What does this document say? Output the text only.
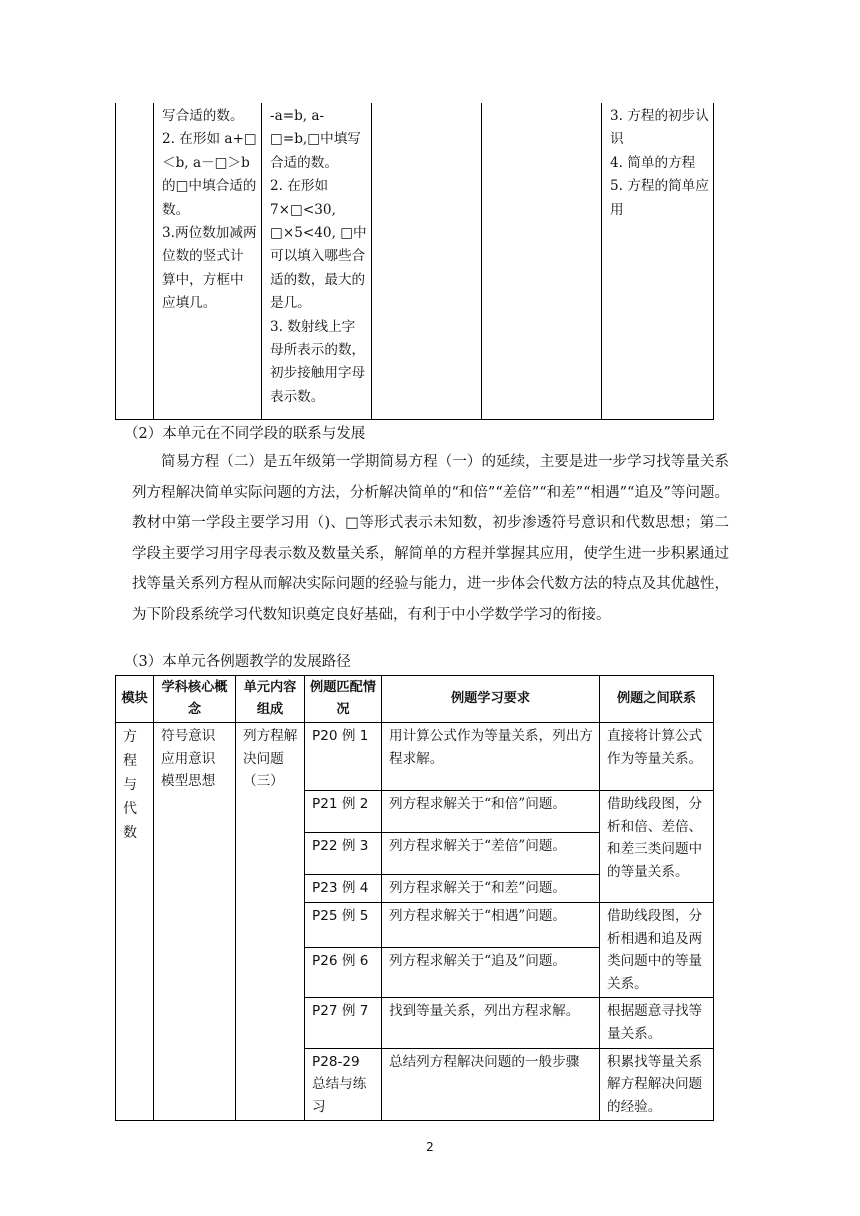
	写合适的数。
2. 在形如 a+□＜b, a－□＞b 的□中填合适的数。
3.两位数加减两位数的竖式计算中，方框中应填几。	-a=b, a-□=b,□中填写合适的数。
2. 在形如 7×□<30, □×5<40, □中可以填入哪些合适的数，最大的是几。
3. 数射线上字母所表示的数，初步接触用字母表示数。			3. 方程的初步认识
4. 简单的方程
5. 方程的简单应用
（2）本单元在不同学段的联系与发展
简易方程（二）是五年级第一学期简易方程（一）的延续，主要是进一步学习找等量关系列方程解决简单实际问题的方法，分析解决简单的“和倍”“差倍”“和差”“相遇”“追及”等问题。教材中第一学段主要学习用（)、□等形式表示未知数，初步渗透符号意识和代数思想；第二学段主要学习用字母表示数及数量关系，解简单的方程并掌握其应用，使学生进一步积累通过找等量关系列方程从而解决实际问题的经验与能力，进一步体会代数方法的特点及其优越性，为下阶段系统学习代数知识奠定良好基础，有利于中小学数学学习的衔接。
（3）本单元各例题教学的发展路径
模块	学科核心概念	单元内容组成	例题匹配情况	例题学习要求	例题之间联系
方
程
与
代
数	符号意识
应用意识
模型思想	列方程解决问题（三）	P20 例 1	用计算公式作为等量关系，列出方程求解。	直接将计算公式作为等量关系。
			P21 例 2	列方程求解关于“和倍”问题。	借助线段图，分析和倍、差倍、和差三类问题中的等量关系。
			P22 例 3	列方程求解关于“差倍”问题。	
			P23 例 4	列方程求解关于“和差”问题。	
			P25 例 5	列方程求解关于“相遇”问题。	借助线段图，分析相遇和追及两类问题中的等量关系。
			P26 例 6	列方程求解关于“追及”问题。	
			P27 例 7	找到等量关系，列出方程求解。	根据题意寻找等量关系。
			P28-29 总结与练习	总结列方程解决问题的一般步骤	积累找等量关系解方程解决问题的经验。
2
